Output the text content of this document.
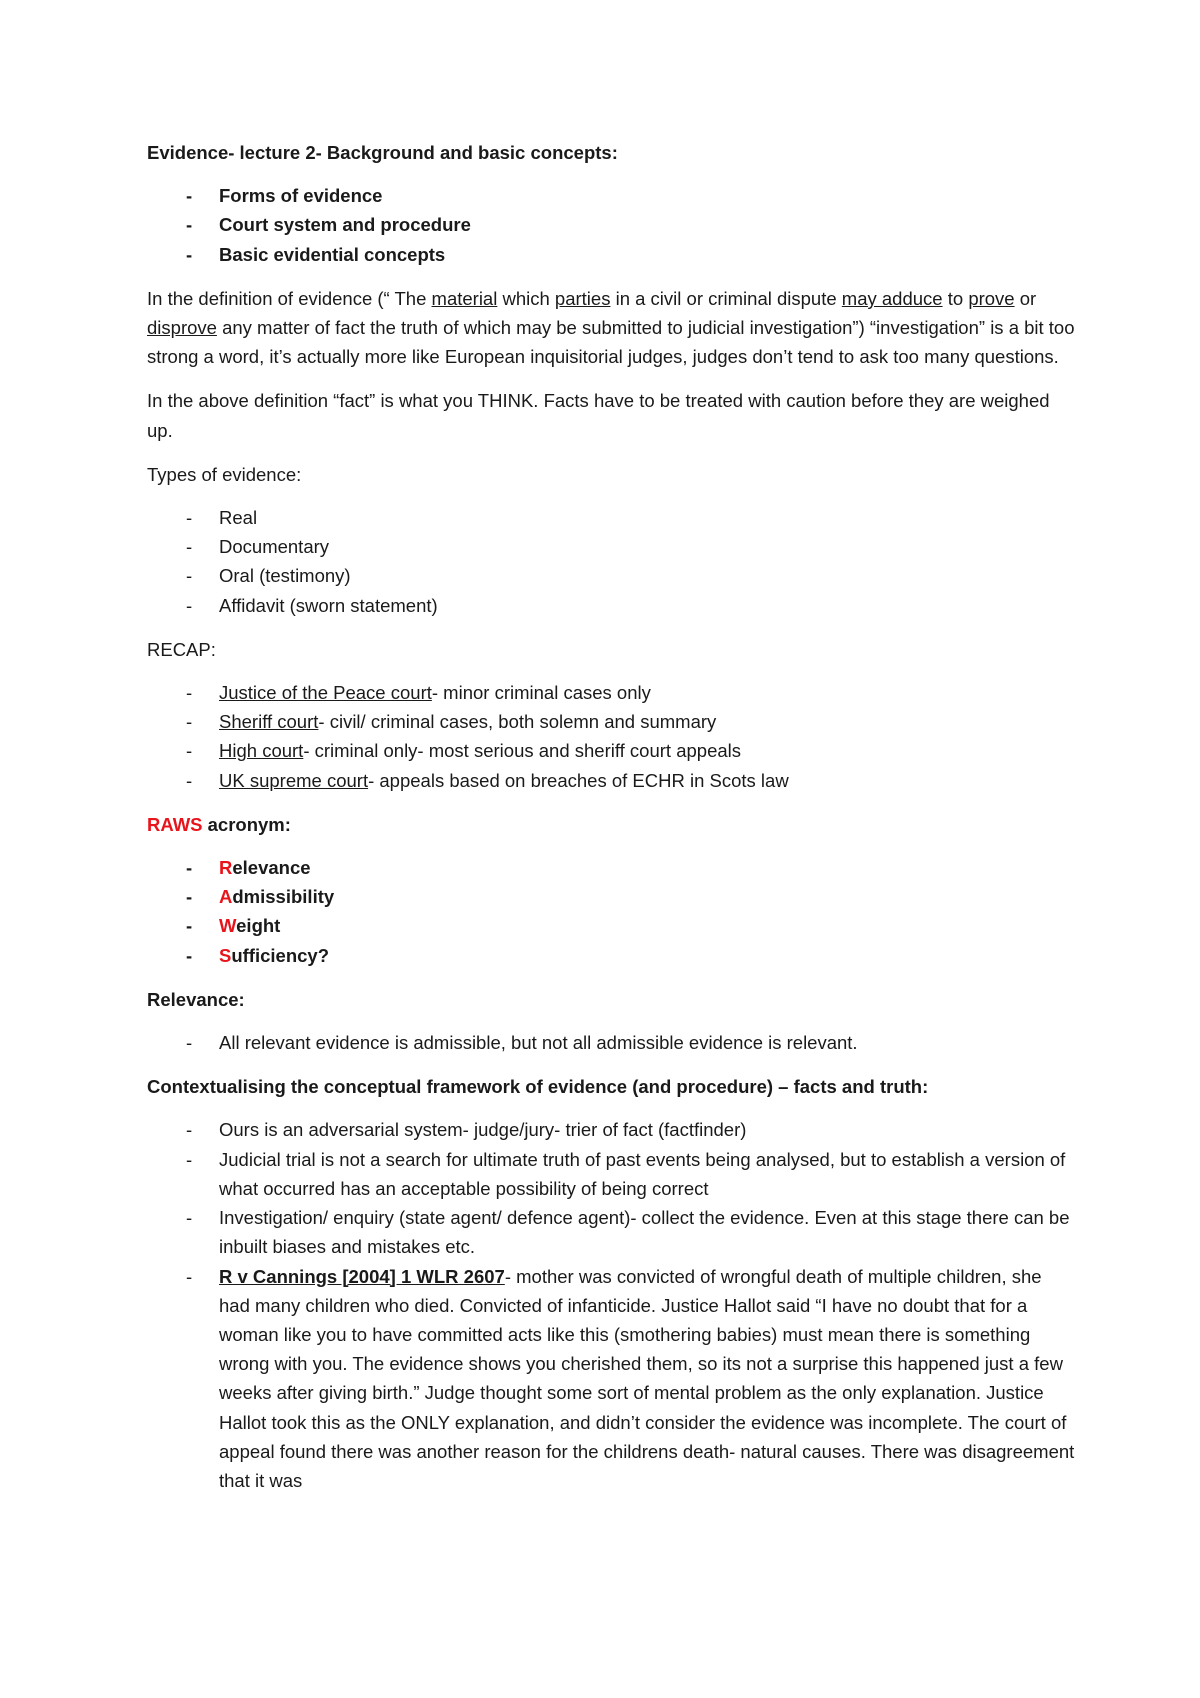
Evidence- lecture 2- Background and basic concepts:

- Forms of evidence
- Court system and procedure
- Basic evidential concepts

In the definition of evidence (“ The material which parties in a civil or criminal dispute may adduce to prove or disprove any matter of fact the truth of which may be submitted to judicial investigation”) “investigation” is a bit too strong a word, it’s actually more like European inquisitorial judges, judges don’t tend to ask too many questions.

In the above definition “fact” is what you THINK. Facts have to be treated with caution before they are weighed up.

Types of evidence:

- Real
- Documentary
- Oral (testimony)
- Affidavit (sworn statement)

RECAP:

- Justice of the Peace court- minor criminal cases only
- Sheriff court- civil/ criminal cases, both solemn and summary
- High court- criminal only- most serious and sheriff court appeals
- UK supreme court- appeals based on breaches of ECHR in Scots law

RAWS acronym:

- Relevance
- Admissibility
- Weight
- Sufficiency?

Relevance:

- All relevant evidence is admissible, but not all admissible evidence is relevant.

Contextualising the conceptual framework of evidence (and procedure) – facts and truth:

- Ours is an adversarial system- judge/jury- trier of fact (factfinder)
- Judicial trial is not a search for ultimate truth of past events being analysed, but to establish a version of what occurred has an acceptable possibility of being correct
- Investigation/ enquiry (state agent/ defence agent)- collect the evidence. Even at this stage there can be inbuilt biases and mistakes etc.
- R v Cannings [2004] 1 WLR 2607- mother was convicted of wrongful death of multiple children, she had many children who died. Convicted of infanticide. Justice Hallot said “I have no doubt that for a woman like you to have committed acts like this (smothering babies) must mean there is something wrong with you. The evidence shows you cherished them, so its not a surprise this happened just a few weeks after giving birth.” Judge thought some sort of mental problem as the only explanation. Justice Hallot took this as the ONLY explanation, and didn’t consider the evidence was incomplete. The court of appeal found there was another reason for the childrens death- natural causes. There was disagreement that it was
